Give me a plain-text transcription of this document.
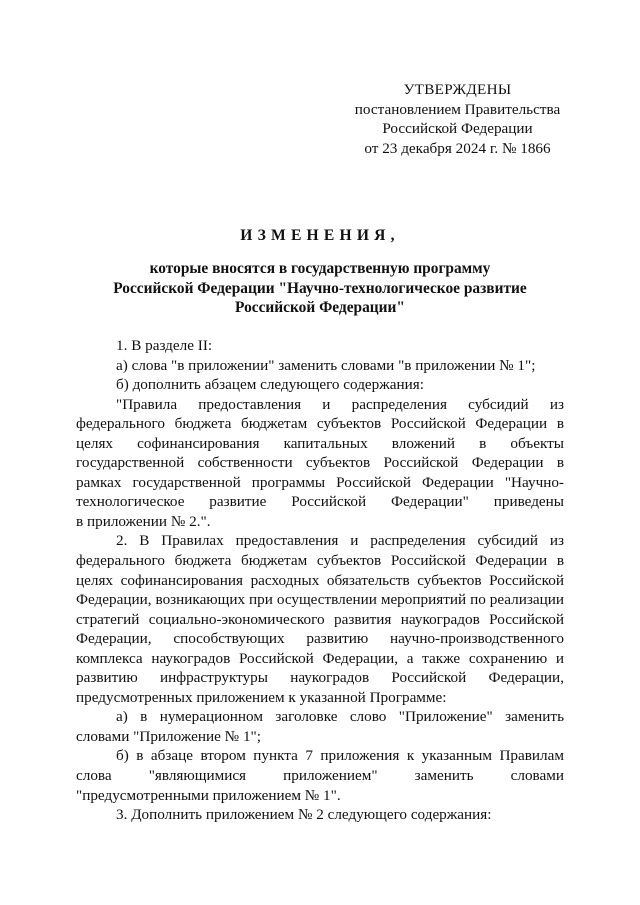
УТВЕРЖДЕНЫ
постановлением Правительства
Российской Федерации
от 23 декабря 2024 г. № 1866
ИЗМЕНЕНИЯ,
которые вносятся в государственную программу
Российской Федерации "Научно-технологическое развитие
Российской Федерации"

1. В разделе II:

а) слова "в приложении" заменить словами "в приложении № 1";

б) дополнить абзацем следующего содержания:

"Правила предоставления и распределения субсидий из федерального бюджета бюджетам субъектов Российской Федерации в целях софинансирования капитальных вложений в объекты государственной собственности субъектов Российской Федерации в рамках государственной программы Российской Федерации "Научно-технологическое развитие Российской Федерации" приведены

в приложении № 2.".

2. В Правилах предоставления и распределения субсидий из федерального бюджета бюджетам субъектов Российской Федерации в целях софинансирования расходных обязательств субъектов Российской Федерации, возникающих при осуществлении мероприятий по реализации стратегий социально-экономического развития наукоградов Российской Федерации, способствующих развитию научно-производственного комплекса наукоградов Российской Федерации, а также сохранению и развитию инфраструктуры наукоградов Российской Федерации,

предусмотренных приложением к указанной Программе:

а) в нумерационном заголовке слово "Приложение" заменить

словами "Приложение № 1";

б) в абзаце втором пункта 7 приложения к указанным Правилам слова "являющимися приложением" заменить словами

"предусмотренными приложением № 1".

3. Дополнить приложением № 2 следующего содержания:
